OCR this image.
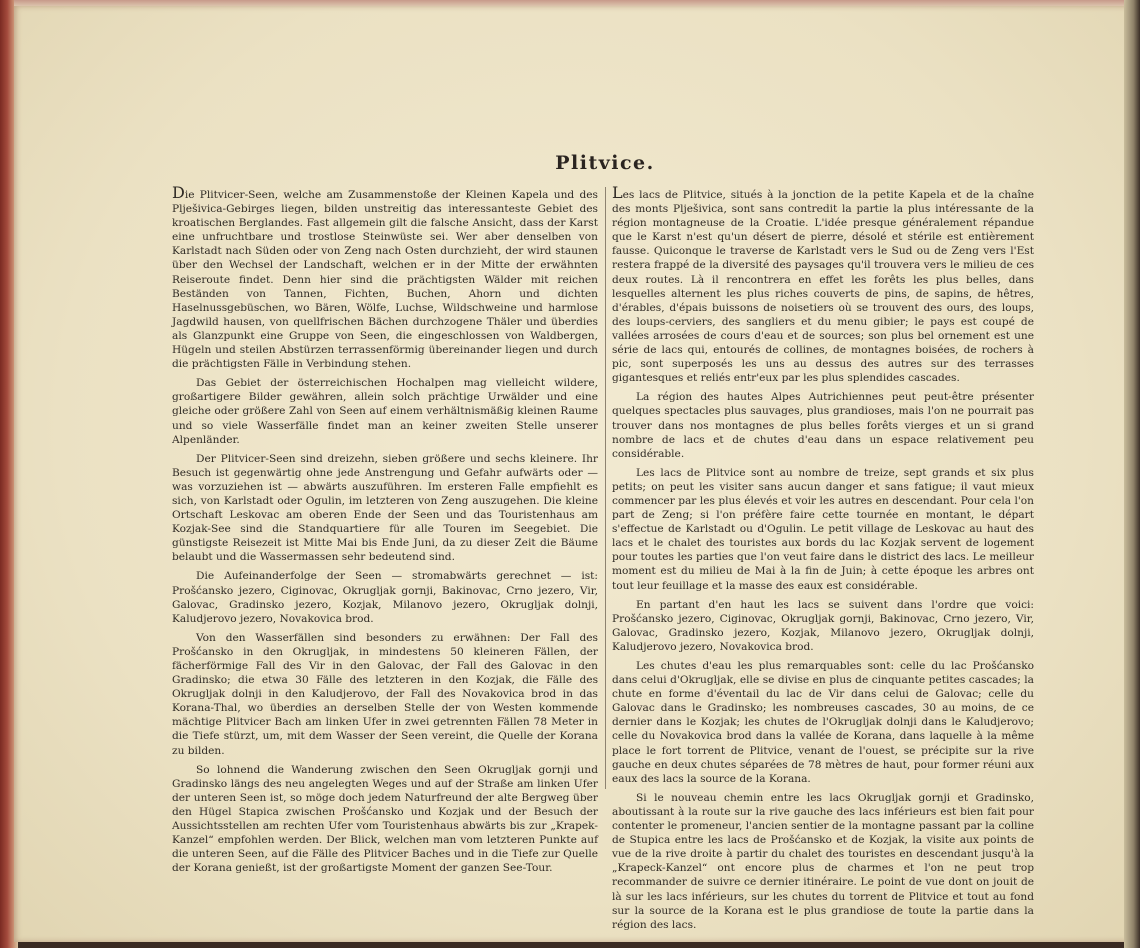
Plitvice.

Die Plitvicer-Seen, welche am Zusammenstoße der Kleinen Kapela und des Plješivica-Gebirges liegen, bilden unstreitig das interessanteste Gebiet des kroatischen Berglandes. Fast allgemein gilt die falsche Ansicht, dass der Karst eine unfruchtbare und trostlose Steinwüste sei. Wer aber denselben von Karlstadt nach Süden oder von Zeng nach Osten durchzieht, der wird staunen über den Wechsel der Landschaft, welchen er in der Mitte der erwähnten Reiseroute findet. Denn hier sind die prächtigsten Wälder mit reichen Beständen von Tannen, Fichten, Buchen, Ahorn und dichten Haselnussgebüschen, wo Bären, Wölfe, Luchse, Wildschweine und harmlose Jagdwild hausen, von quellfrischen Bächen durchzogene Thäler und überdies als Glanzpunkt eine Gruppe von Seen, die eingeschlossen von Waldbergen, Hügeln und steilen Abstürzen terrassenförmig übereinander liegen und durch die prächtigsten Fälle in Verbindung stehen.

Das Gebiet der österreichischen Hochalpen mag vielleicht wildere, großartigere Bilder gewähren, allein solch prächtige Urwälder und eine gleiche oder größere Zahl von Seen auf einem verhältnismäßig kleinen Raume und so viele Wasserfälle findet man an keiner zweiten Stelle unserer Alpenländer.

Der Plitvicer-Seen sind dreizehn, sieben größere und sechs kleinere. Ihr Besuch ist gegenwärtig ohne jede Anstrengung und Gefahr aufwärts oder — was vorzuziehen ist — abwärts auszuführen. Im ersteren Falle empfiehlt es sich, von Karlstadt oder Ogulin, im letzteren von Zeng auszugehen. Die kleine Ortschaft Leskovac am oberen Ende der Seen und das Touristenhaus am Kozjak-See sind die Standquartiere für alle Touren im Seegebiet. Die günstigste Reisezeit ist Mitte Mai bis Ende Juni, da zu dieser Zeit die Bäume belaubt und die Wassermassen sehr bedeutend sind.

Die Aufeinanderfolge der Seen — stromabwärts gerechnet — ist: Prošćansko jezero, Ciginovac, Okrugljak gornji, Bakinovac, Crno jezero, Vir, Galovac, Gradinsko jezero, Kozjak, Milanovo jezero, Okrugljak dolnji, Kaludjerovo jezero, Novakovica brod.

Von den Wasserfällen sind besonders zu erwähnen: Der Fall des Prošćansko in den Okrugljak, in mindestens 50 kleineren Fällen, der fächerförmige Fall des Vir in den Galovac, der Fall des Galovac in den Gradinsko; die etwa 30 Fälle des letzteren in den Kozjak, die Fälle des Okrugljak dolnji in den Kaludjerovo, der Fall des Novakovica brod in das Korana-Thal, wo überdies an derselben Stelle der von Westen kommende mächtige Plitvicer Bach am linken Ufer in zwei getrennten Fällen 78 Meter in die Tiefe stürzt, um, mit dem Wasser der Seen vereint, die Quelle der Korana zu bilden.

So lohnend die Wanderung zwischen den Seen Okrugljak gornji und Gradinsko längs des neu angelegten Weges und auf der Straße am linken Ufer der unteren Seen ist, so möge doch jedem Naturfreund der alte Bergweg über den Hügel Stapica zwischen Prošćansko und Kozjak und der Besuch der Aussichtsstellen am rechten Ufer vom Touristenhaus abwärts bis zur „Krapek-Kanzel“ empfohlen werden. Der Blick, welchen man vom letzteren Punkte auf die unteren Seen, auf die Fälle des Plitvicer Baches und in die Tiefe zur Quelle der Korana genießt, ist der großartigste Moment der ganzen See-Tour.

Les lacs de Plitvice, situés à la jonction de la petite Kapela et de la chaîne des monts Plješivica, sont sans contredit la partie la plus intéressante de la région montagneuse de la Croatie. L'idée presque généralement répandue que le Karst n'est qu'un désert de pierre, désolé et stérile est entièrement fausse. Quiconque le traverse de Karlstadt vers le Sud ou de Zeng vers l'Est restera frappé de la diversité des paysages qu'il trouvera vers le milieu de ces deux routes. Là il rencontrera en effet les forêts les plus belles, dans lesquelles alternent les plus riches couverts de pins, de sapins, de hêtres, d'érables, d'épais buissons de noisetiers où se trouvent des ours, des loups, des loups-cerviers, des sangliers et du menu gibier; le pays est coupé de vallées arrosées de cours d'eau et de sources; son plus bel ornement est une série de lacs qui, entourés de collines, de montagnes boisées, de rochers à pic, sont superposés les uns au dessus des autres sur des terrasses gigantesques et reliés entr'eux par les plus splendides cascades.

La région des hautes Alpes Autrichiennes peut peut-être présenter quelques spectacles plus sauvages, plus grandioses, mais l'on ne pourrait pas trouver dans nos montagnes de plus belles forêts vierges et un si grand nombre de lacs et de chutes d'eau dans un espace relativement peu considérable.

Les lacs de Plitvice sont au nombre de treize, sept grands et six plus petits; on peut les visiter sans aucun danger et sans fatigue; il vaut mieux commencer par les plus élevés et voir les autres en descendant. Pour cela l'on part de Zeng; si l'on préfère faire cette tournée en montant, le départ s'effectue de Karlstadt ou d'Ogulin. Le petit village de Leskovac au haut des lacs et le chalet des touristes aux bords du lac Kozjak servent de logement pour toutes les parties que l'on veut faire dans le district des lacs. Le meilleur moment est du milieu de Mai à la fin de Juin; à cette époque les arbres ont tout leur feuillage et la masse des eaux est considérable.

En partant d'en haut les lacs se suivent dans l'ordre que voici: Prošćansko jezero, Ciginovac, Okrugljak gornji, Bakinovac, Crno jezero, Vir, Galovac, Gradinsko jezero, Kozjak, Milanovo jezero, Okrugljak dolnji, Kaludjerovo jezero, Novakovica brod.

Les chutes d'eau les plus remarquables sont: celle du lac Prošćansko dans celui d'Okrugljak, elle se divise en plus de cinquante petites cascades; la chute en forme d'éventail du lac de Vir dans celui de Galovac; celle du Galovac dans le Gradinsko; les nombreuses cascades, 30 au moins, de ce dernier dans le Kozjak; les chutes de l'Okrugljak dolnji dans le Kaludjerovo; celle du Novakovica brod dans la vallée de Korana, dans laquelle à la même place le fort torrent de Plitvice, venant de l'ouest, se précipite sur la rive gauche en deux chutes séparées de 78 mètres de haut, pour former réuni aux eaux des lacs la source de la Korana.

Si le nouveau chemin entre les lacs Okrugljak gornji et Gradinsko, aboutissant à la route sur la rive gauche des lacs inférieurs est bien fait pour contenter le promeneur, l'ancien sentier de la montagne passant par la colline de Stupica entre les lacs de Prošćansko et de Kozjak, la visite aux points de vue de la rive droite à partir du chalet des touristes en descendant jusqu'à la „Krapeck-Kanzel“ ont encore plus de charmes et l'on ne peut trop recommander de suivre ce dernier itinéraire. Le point de vue dont on jouit de là sur les lacs inférieurs, sur les chutes du torrent de Plitvice et tout au fond sur la source de la Korana est le plus grandiose de toute la partie dans la région des lacs.
